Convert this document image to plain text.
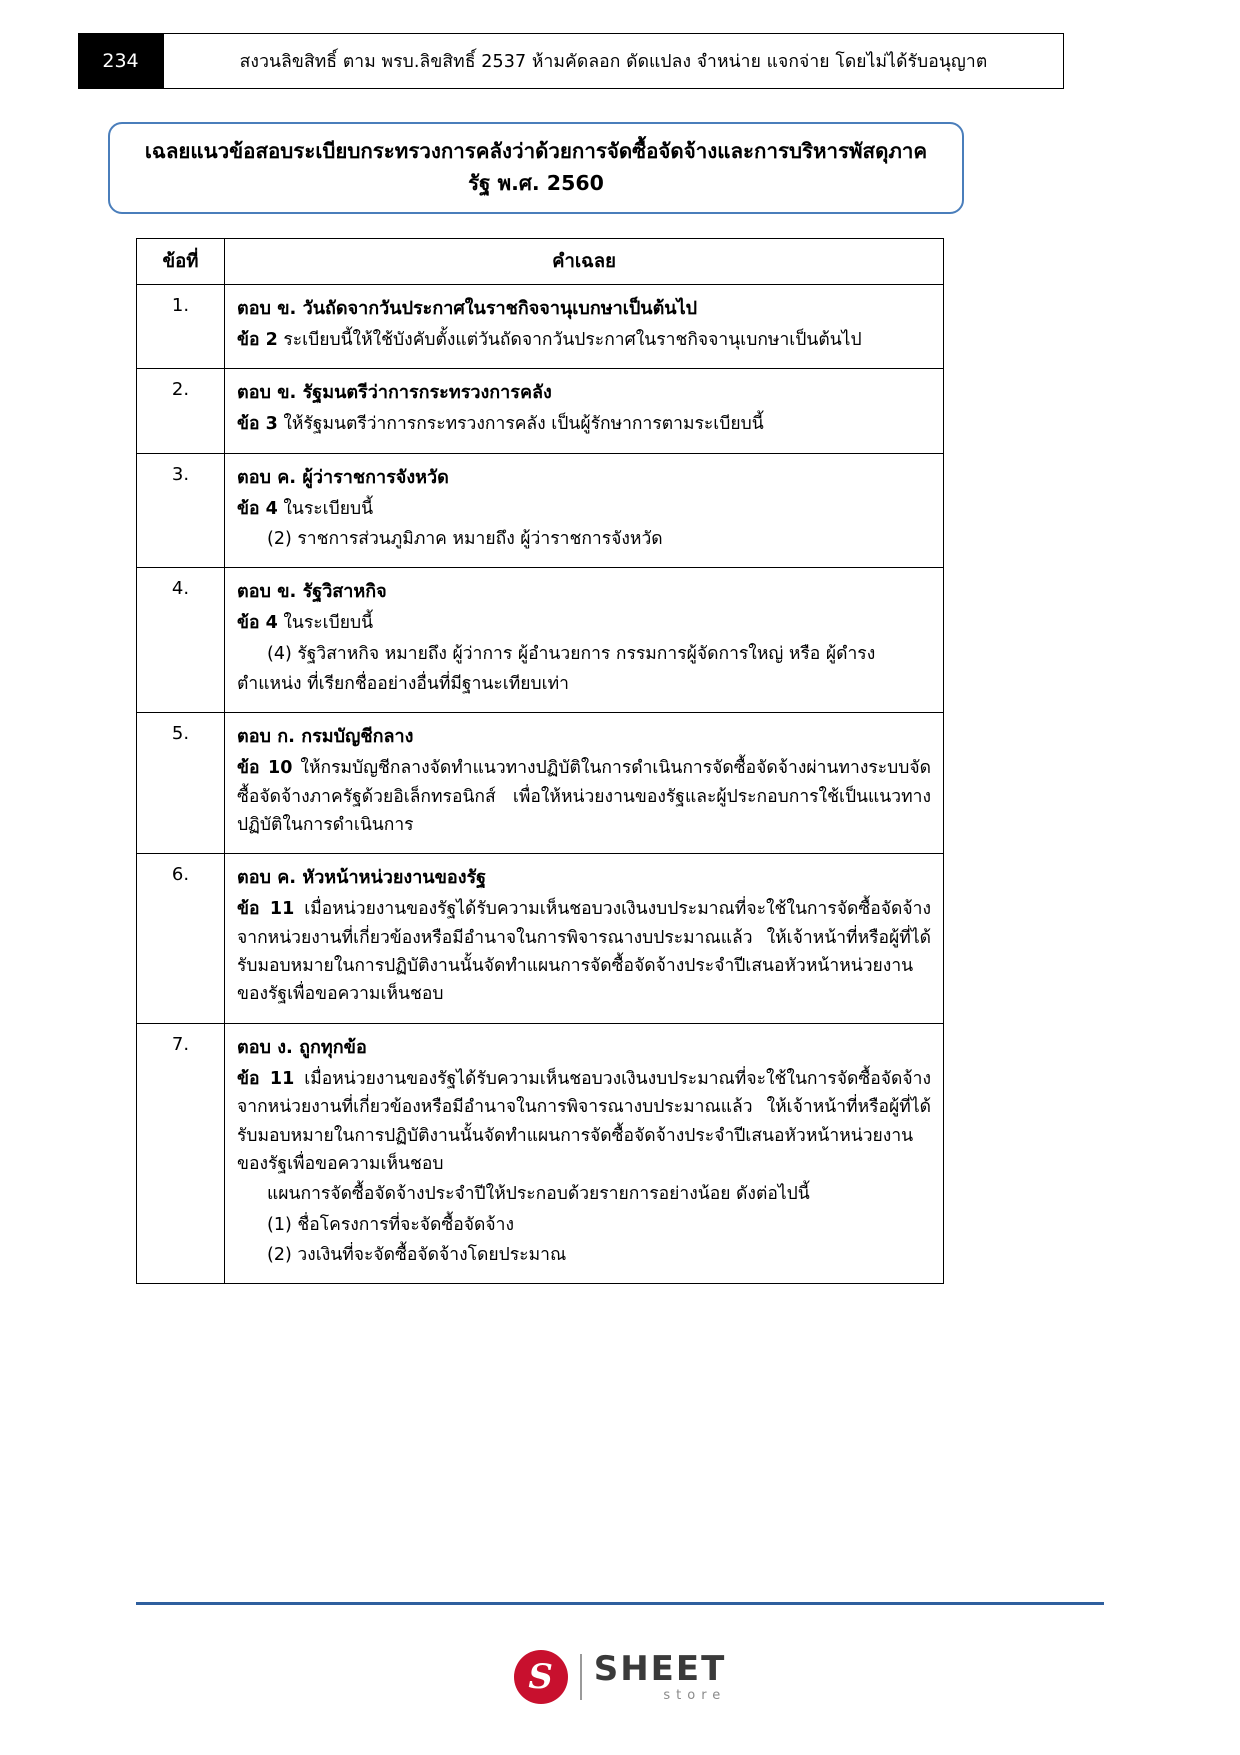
234	สงวนลิขสิทธิ์ ตาม พรบ.ลิขสิทธิ์ 2537 ห้ามคัดลอก ดัดแปลง จำหน่าย แจกจ่าย โดยไม่ได้รับอนุญาต
เฉลยแนวข้อสอบระเบียบกระทรวงการคลังว่าด้วยการจัดซื้อจัดจ้างและการบริหารพัสดุภาครัฐ พ.ศ. 2560
ข้อที่	คำเฉลย
1.	ตอบ ข. วันถัดจากวันประกาศในราชกิจจานุเบกษาเป็นต้นไป

ข้อ 2 ระเบียบนี้ให้ใช้บังคับตั้งแต่วันถัดจากวันประกาศในราชกิจจานุเบกษาเป็นต้นไป

2.	ตอบ ข. รัฐมนตรีว่าการกระทรวงการคลัง

ข้อ 3 ให้รัฐมนตรีว่าการกระทรวงการคลัง เป็นผู้รักษาการตามระเบียบนี้

3.	ตอบ ค. ผู้ว่าราชการจังหวัด

ข้อ 4 ในระเบียบนี้

(2) ราชการส่วนภูมิภาค หมายถึง ผู้ว่าราชการจังหวัด

4.	ตอบ ข. รัฐวิสาหกิจ

ข้อ 4 ในระเบียบนี้

(4) รัฐวิสาหกิจ หมายถึง ผู้ว่าการ ผู้อำนวยการ กรรมการผู้จัดการใหญ่ หรือ ผู้ดำรง

ตำแหน่ง ที่เรียกชื่ออย่างอื่นที่มีฐานะเทียบเท่า

5.	ตอบ ก. กรมบัญชีกลาง

ข้อ 10 ให้กรมบัญชีกลางจัดทำแนวทางปฏิบัติในการดำเนินการจัดซื้อจัดจ้างผ่านทางระบบจัดซื้อจัดจ้างภาครัฐด้วยอิเล็กทรอนิกส์ เพื่อให้หน่วยงานของรัฐและผู้ประกอบการใช้เป็นแนวทางปฏิบัติในการดำเนินการ

6.	ตอบ ค. หัวหน้าหน่วยงานของรัฐ

ข้อ 11 เมื่อหน่วยงานของรัฐได้รับความเห็นชอบวงเงินงบประมาณที่จะใช้ในการจัดซื้อจัดจ้างจากหน่วยงานที่เกี่ยวข้องหรือมีอำนาจในการพิจารณางบประมาณแล้ว ให้เจ้าหน้าที่หรือผู้ที่ได้รับมอบหมายในการปฏิบัติงานนั้นจัดทำแผนการจัดซื้อจัดจ้างประจำปีเสนอหัวหน้าหน่วยงานของรัฐเพื่อขอความเห็นชอบ

7.	ตอบ ง. ถูกทุกข้อ

ข้อ 11 เมื่อหน่วยงานของรัฐได้รับความเห็นชอบวงเงินงบประมาณที่จะใช้ในการจัดซื้อจัดจ้างจากหน่วยงานที่เกี่ยวข้องหรือมีอำนาจในการพิจารณางบประมาณแล้ว ให้เจ้าหน้าที่หรือผู้ที่ได้รับมอบหมายในการปฏิบัติงานนั้นจัดทำแผนการจัดซื้อจัดจ้างประจำปีเสนอหัวหน้าหน่วยงานของรัฐเพื่อขอความเห็นชอบ

แผนการจัดซื้อจัดจ้างประจำปีให้ประกอบด้วยรายการอย่างน้อย ดังต่อไปนี้

(1) ชื่อโครงการที่จะจัดซื้อจัดจ้าง

(2) วงเงินที่จะจัดซื้อจัดจ้างโดยประมาณ

S	SHEET
store
